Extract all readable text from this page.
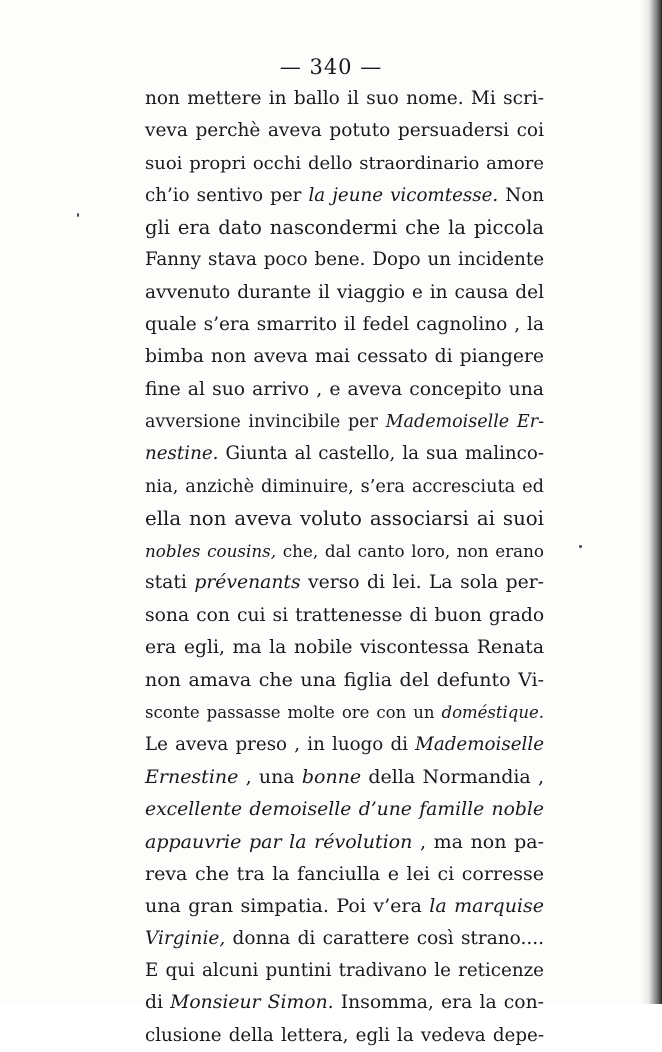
— 340 —
non mettere in ballo il suo nome. Mi scri-
veva perchè aveva potuto persuadersi coi
suoi propri occhi dello straordinario amore
ch’io sentivo per la jeune vicomtesse. Non
gli era dato nascondermi che la piccola
Fanny stava poco bene. Dopo un incidente
avvenuto durante il viaggio e in causa del
quale s’era smarrito il fedel cagnolino , la
bimba non aveva mai cessato di piangere
fine al suo arrivo , e aveva concepito una
avversione invincibile per Mademoiselle Er-
nestine. Giunta al castello, la sua malinco-
nia, anzichè diminuire, s’era accresciuta ed
ella non aveva voluto associarsi ai suoi
nobles cousins, che, dal canto loro, non erano
stati prévenants verso di lei. La sola per-
sona con cui si trattenesse di buon grado
era egli, ma la nobile viscontessa Renata
non amava che una figlia del defunto Vi-
sconte passasse molte ore con un doméstique.
Le aveva preso , in luogo di Mademoiselle
Ernestine , una bonne della Normandia ,
excellente demoiselle d’une famille noble
appauvrie par la révolution , ma non pa-
reva che tra la fanciulla e lei ci corresse
una gran simpatia. Poi v’era la marquise
Virginie, donna di carattere così strano....
E qui alcuni puntini tradivano le reticenze
di Monsieur Simon. Insomma, era la con-
clusione della lettera, egli la vedeva depe-
